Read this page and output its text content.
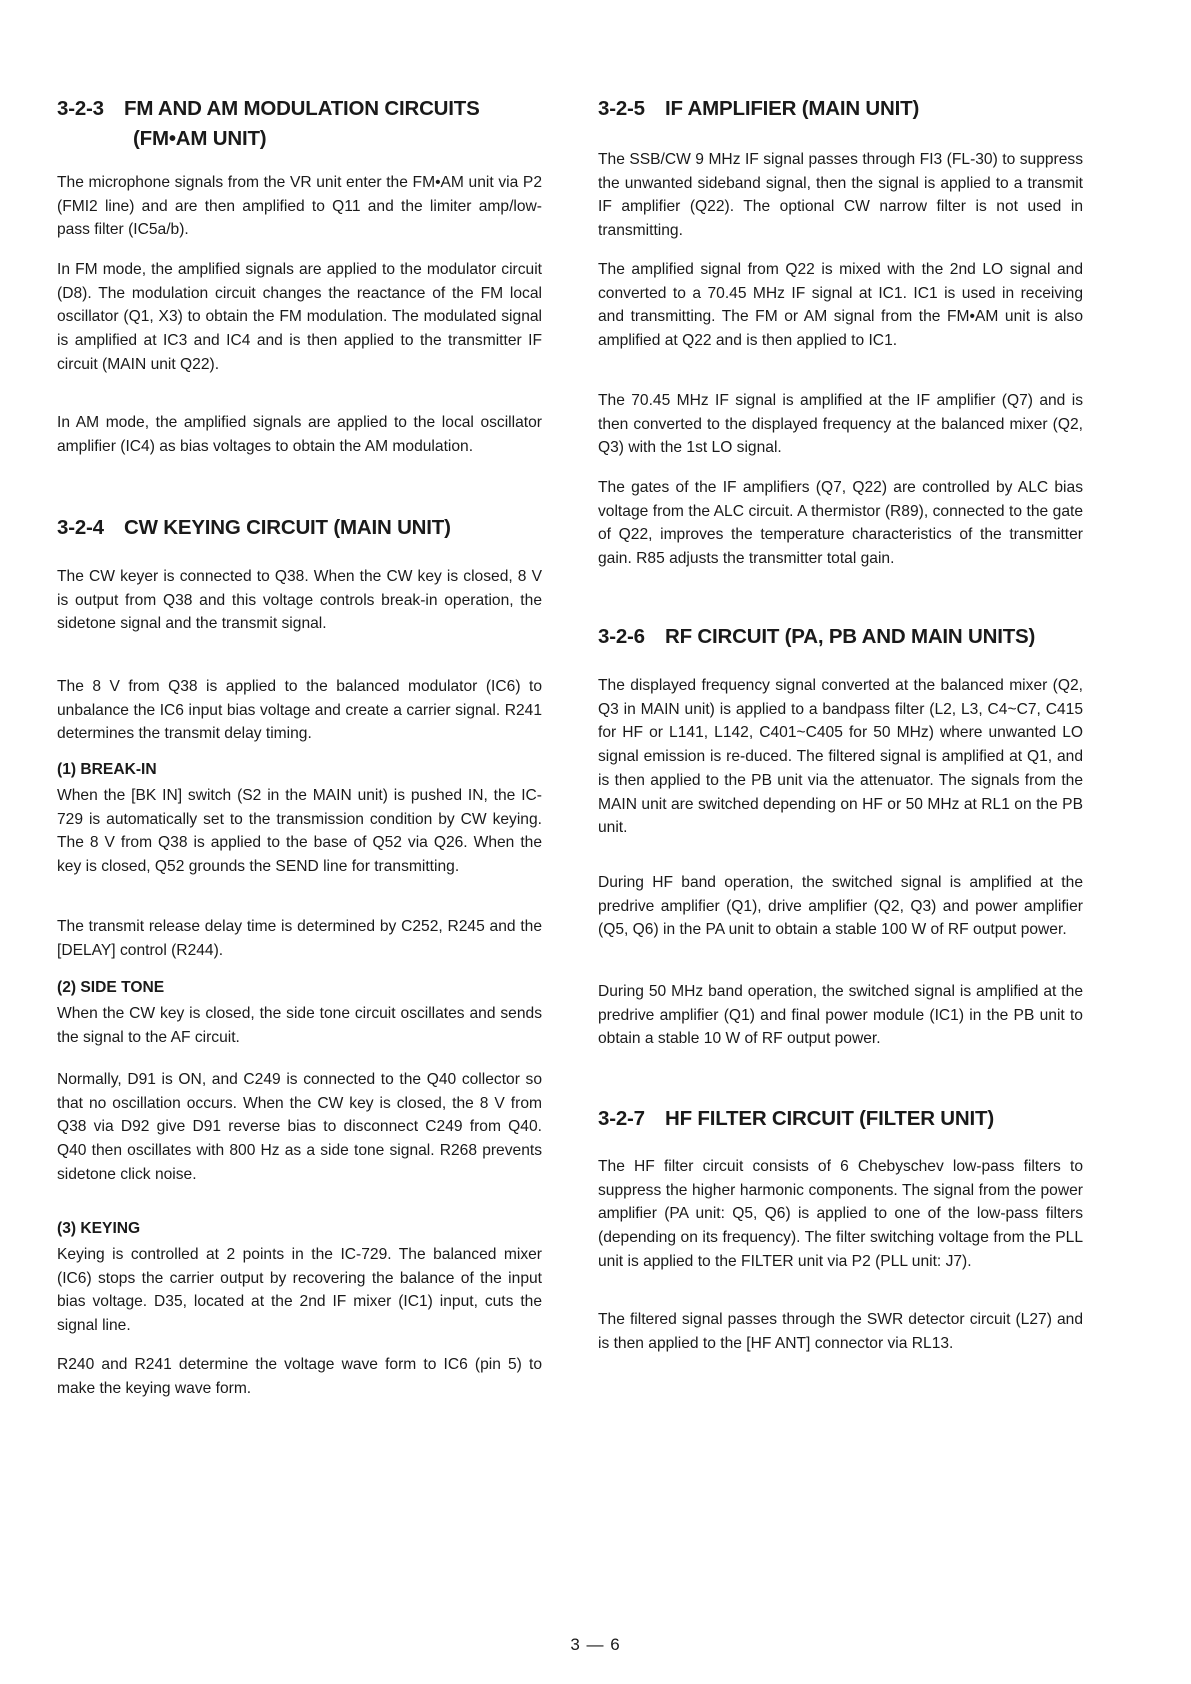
3-2-3 FM AND AM MODULATION CIRCUITS
(FM•AM UNIT)

The microphone signals from the VR unit enter the FM•AM unit via P2 (FMI2 line) and are then amplified to Q11 and the limiter amp/low-pass filter (IC5a/b).

In FM mode, the amplified signals are applied to the modulator circuit (D8). The modulation circuit changes the reactance of the FM local oscillator (Q1, X3) to obtain the FM modulation. The modulated signal is amplified at IC3 and IC4 and is then applied to the transmitter IF circuit (MAIN unit Q22).

In AM mode, the amplified signals are applied to the local oscillator amplifier (IC4) as bias voltages to obtain the AM modulation.

3-2-4 CW KEYING CIRCUIT (MAIN UNIT)

The CW keyer is connected to Q38. When the CW key is closed, 8 V is output from Q38 and this voltage controls break-in operation, the sidetone signal and the transmit signal.

The 8 V from Q38 is applied to the balanced modulator (IC6) to unbalance the IC6 input bias voltage and create a carrier signal. R241 determines the transmit delay timing.

(1) BREAK-IN

When the [BK IN] switch (S2 in the MAIN unit) is pushed IN, the IC-729 is automatically set to the transmission condition by CW keying. The 8 V from Q38 is applied to the base of Q52 via Q26. When the key is closed, Q52 grounds the SEND line for transmitting.

The transmit release delay time is determined by C252, R245 and the [DELAY] control (R244).

(2) SIDE TONE

When the CW key is closed, the side tone circuit oscillates and sends the signal to the AF circuit.

Normally, D91 is ON, and C249 is connected to the Q40 collector so that no oscillation occurs. When the CW key is closed, the 8 V from Q38 via D92 give D91 reverse bias to disconnect C249 from Q40. Q40 then oscillates with 800 Hz as a side tone signal. R268 prevents sidetone click noise.

(3) KEYING

Keying is controlled at 2 points in the IC-729. The balanced mixer (IC6) stops the carrier output by recovering the balance of the input bias voltage. D35, located at the 2nd IF mixer (IC1) input, cuts the signal line.

R240 and R241 determine the voltage wave form to IC6 (pin 5) to make the keying wave form.

3-2-5 IF AMPLIFIER (MAIN UNIT)

The SSB/CW 9 MHz IF signal passes through FI3 (FL-30) to suppress the unwanted sideband signal, then the signal is applied to a transmit IF amplifier (Q22). The optional CW narrow filter is not used in transmitting.

The amplified signal from Q22 is mixed with the 2nd LO signal and converted to a 70.45 MHz IF signal at IC1. IC1 is used in receiving and transmitting. The FM or AM signal from the FM•AM unit is also amplified at Q22 and is then applied to IC1.

The 70.45 MHz IF signal is amplified at the IF amplifier (Q7) and is then converted to the displayed frequency at the balanced mixer (Q2, Q3) with the 1st LO signal.

The gates of the IF amplifiers (Q7, Q22) are controlled by ALC bias voltage from the ALC circuit. A thermistor (R89), connected to the gate of Q22, improves the temperature characteristics of the transmitter gain. R85 adjusts the transmitter total gain.

3-2-6 RF CIRCUIT (PA, PB AND MAIN UNITS)

The displayed frequency signal converted at the balanced mixer (Q2, Q3 in MAIN unit) is applied to a bandpass filter (L2, L3, C4~C7, C415 for HF or L141, L142, C401~C405 for 50 MHz) where unwanted LO signal emission is re-duced. The filtered signal is amplified at Q1, and is then applied to the PB unit via the attenuator. The signals from the MAIN unit are switched depending on HF or 50 MHz at RL1 on the PB unit.

During HF band operation, the switched signal is amplified at the predrive amplifier (Q1), drive amplifier (Q2, Q3) and power amplifier (Q5, Q6) in the PA unit to obtain a stable 100 W of RF output power.

During 50 MHz band operation, the switched signal is amplified at the predrive amplifier (Q1) and final power module (IC1) in the PB unit to obtain a stable 10 W of RF output power.

3-2-7 HF FILTER CIRCUIT (FILTER UNIT)

The HF filter circuit consists of 6 Chebyschev low-pass filters to suppress the higher harmonic components. The signal from the power amplifier (PA unit: Q5, Q6) is applied to one of the low-pass filters (depending on its frequency). The filter switching voltage from the PLL unit is applied to the FILTER unit via P2 (PLL unit: J7).

The filtered signal passes through the SWR detector circuit (L27) and is then applied to the [HF ANT] connector via RL13.

3 — 6
